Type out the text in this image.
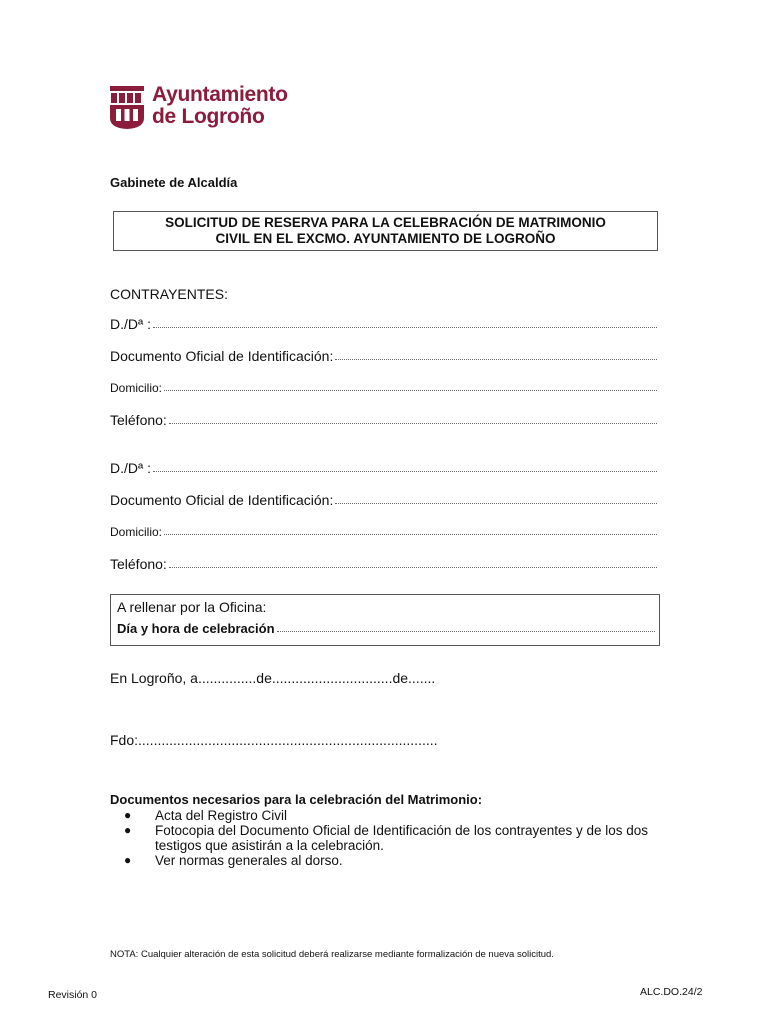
Ayuntamiento
de Logroño
Gabinete de Alcaldía
SOLICITUD DE RESERVA PARA LA CELEBRACIÓN DE MATRIMONIO
CIVIL EN EL EXCMO. AYUNTAMIENTO DE LOGROÑO
CONTRAYENTES:
D./Dª :
Documento Oficial de Identificación:
Domicilio:
Teléfono:
D./Dª :
Documento Oficial de Identificación:
Domicilio:
Teléfono:
A rellenar por la Oficina:
Día y hora de celebración
En Logroño, a...............de...............................de.......
Fdo:.............................................................................
Documentos necesarios para la celebración del Matrimonio:
● Acta del Registro Civil
● Fotocopia del Documento Oficial de Identificación de los contrayentes y de los dos testigos que asistirán a la celebración.
● Ver normas generales al dorso.
NOTA: Cualquier alteración de esta solicitud deberá realizarse mediante formalización de nueva solicitud.
Revisión 0	ALC.DO.24/2
